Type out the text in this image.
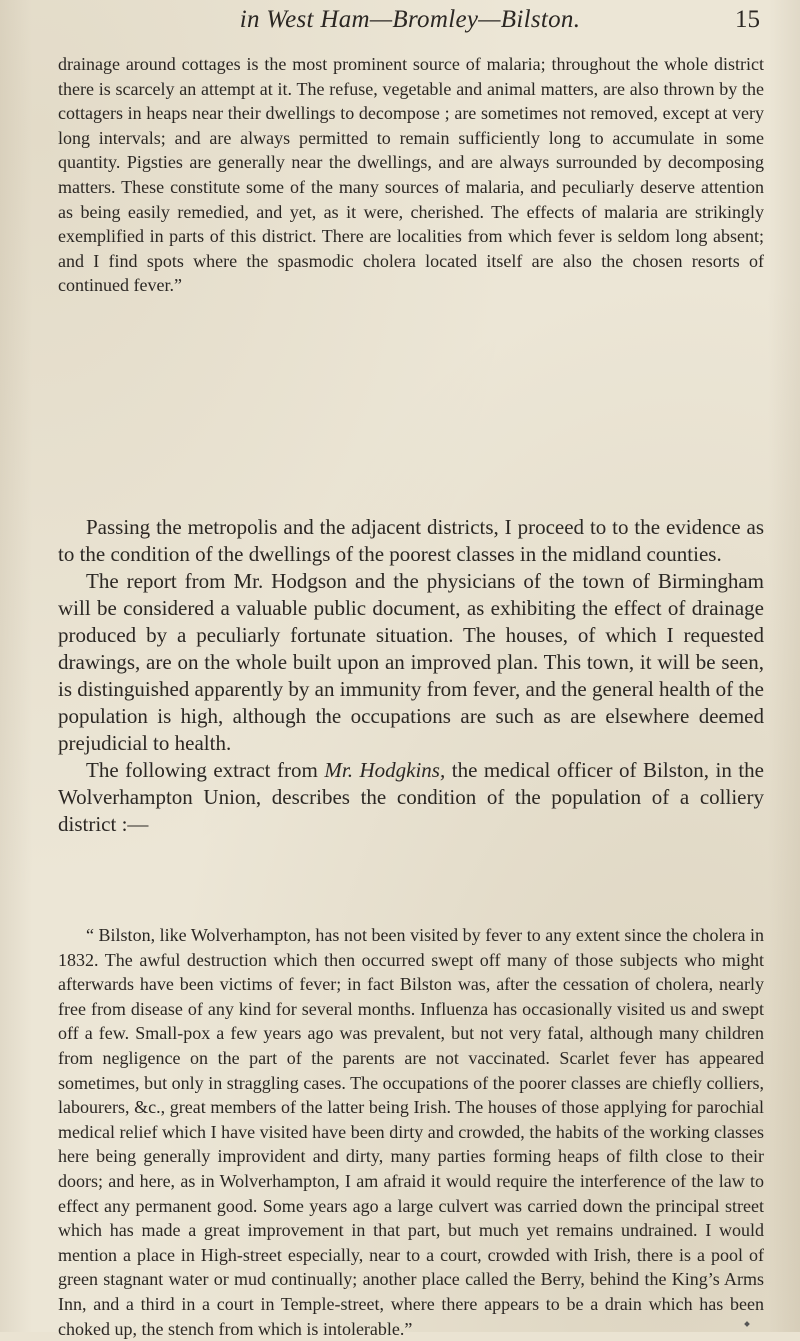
in West Ham—Bromley—Bilston.	15

drainage around cottages is the most prominent source of malaria; throughout the whole district there is scarcely an attempt at it. The refuse, vegetable and animal matters, are also thrown by the cottagers in heaps near their dwellings to decompose ; are sometimes not removed, except at very long intervals; and are always permitted to remain sufficiently long to accumulate in some quantity. Pigsties are generally near the dwellings, and are always surrounded by decomposing matters. These constitute some of the many sources of malaria, and peculiarly deserve attention as being easily remedied, and yet, as it were, cherished. The effects of malaria are strikingly exemplified in parts of this district. There are localities from which fever is seldom long absent; and I find spots where the spasmodic cholera located itself are also the chosen resorts of continued fever.”

Passing the metropolis and the adjacent districts, I proceed to to the evidence as to the condition of the dwellings of the poorest classes in the midland counties.
The report from Mr. Hodgson and the physicians of the town of Birmingham will be considered a valuable public document, as exhibiting the effect of drainage produced by a peculiarly fortunate situation. The houses, of which I requested drawings, are on the whole built upon an improved plan. This town, it will be seen, is distinguished apparently by an immunity from fever, and the general health of the population is high, although the occupations are such as are elsewhere deemed prejudicial to health.
The following extract from Mr. Hodgkins, the medical officer of Bilston, in the Wolverhampton Union, describes the condition of the population of a colliery district :—

“ Bilston, like Wolverhampton, has not been visited by fever to any extent since the cholera in 1832. The awful destruction which then occurred swept off many of those subjects who might afterwards have been victims of fever; in fact Bilston was, after the cessation of cholera, nearly free from disease of any kind for several months. Influenza has occasionally visited us and swept off a few. Small-pox a few years ago was prevalent, but not very fatal, although many children from negligence on the part of the parents are not vaccinated. Scarlet fever has appeared sometimes, but only in straggling cases. The occupations of the poorer classes are chiefly colliers, labourers, &c., great members of the latter being Irish. The houses of those applying for parochial medical relief which I have visited have been dirty and crowded, the habits of the working classes here being generally improvident and dirty, many parties forming heaps of filth close to their doors; and here, as in Wolverhampton, I am afraid it would require the interference of the law to effect any permanent good. Some years ago a large culvert was carried down the principal street which has made a great improvement in that part, but much yet remains undrained. I would mention a place in High-street especially, near to a court, crowded with Irish, there is a pool of green stagnant water or mud continually; another place called the Berry, behind the King’s Arms Inn, and a third in a court in Temple-street, where there appears to be a drain which has been choked up, the stench from which is intolerable.”
